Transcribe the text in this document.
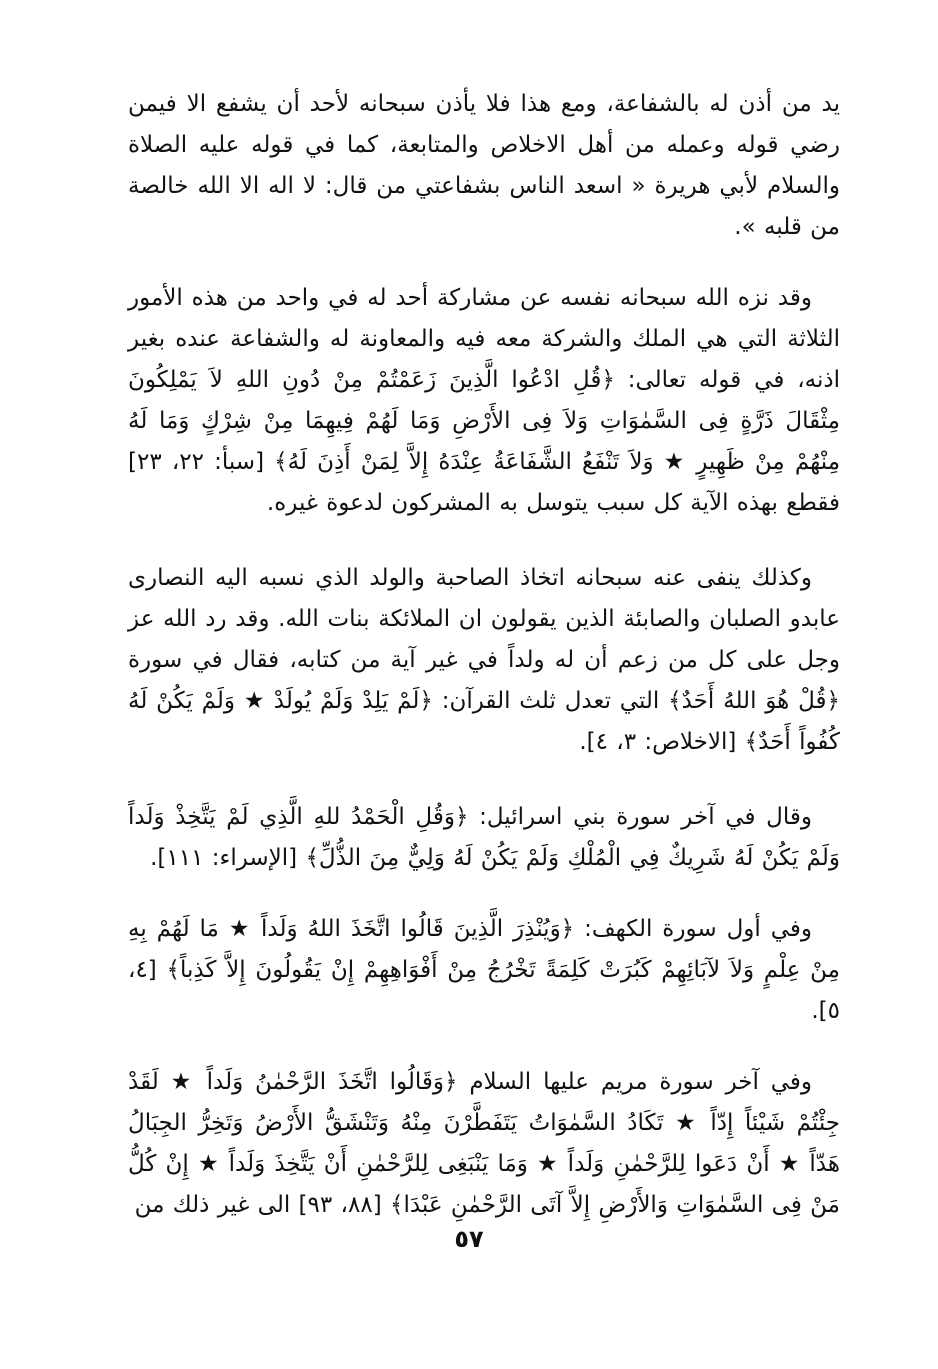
يد من أذن له بالشفاعة، ومع هذا فلا يأذن سبحانه لأحد أن يشفع الا فيمن رضي قوله وعمله من أهل الاخلاص والمتابعة، كما في قوله عليه الصلاة والسلام لأبي هريرة « اسعد الناس بشفاعتي من قال: لا اله الا الله خالصة من قلبه ».

وقد نزه الله سبحانه نفسه عن مشاركة أحد له في واحد من هذه الأمور الثلاثة التي هي الملك والشركة معه فيه والمعاونة له والشفاعة عنده بغير اذنه، في قوله تعالى: ﴿قُلِ ادْعُوا الَّذِينَ زَعَمْتُمْ مِنْ دُونِ اللهِ لاَ يَمْلِكُونَ مِثْقَالَ ذَرَّةٍ فِى السَّمٰوَاتِ وَلاَ فِى الأَرْضِ وَمَا لَهُمْ فِيهِمَا مِنْ شِرْكٍ وَمَا لَهُ مِنْهُمْ مِنْ ظَهِيرٍ ★ وَلاَ تَنْفَعُ الشَّفَاعَةُ عِنْدَهُ إِلاَّ لِمَنْ أَذِنَ لَهُ﴾ [سبأ: ٢٢، ٢٣] فقطع بهذه الآية كل سبب يتوسل به المشركون لدعوة غيره.

وكذلك ينفى عنه سبحانه اتخاذ الصاحبة والولد الذي نسبه اليه النصارى عابدو الصلبان والصابئة الذين يقولون ان الملائكة بنات الله. وقد رد الله عز وجل على كل من زعم أن له ولداً في غير آية من كتابه، فقال في سورة ﴿قُلْ هُوَ اللهُ أَحَدٌ﴾ التي تعدل ثلث القرآن: ﴿لَمْ يَلِدْ وَلَمْ يُولَدْ ★ وَلَمْ يَكُنْ لَهُ كُفُواً أَحَدٌ﴾ [الاخلاص: ٣، ٤].

وقال في آخر سورة بني اسرائيل: ﴿وَقُلِ الْحَمْدُ للهِ الَّذِي لَمْ يَتَّخِذْ وَلَداً وَلَمْ يَكُنْ لَهُ شَرِيكٌ فِي الْمُلْكِ وَلَمْ يَكُنْ لَهُ وَلِيٌّ مِنَ الذُّلِّ﴾ [الإسراء: ١١١].

وفي أول سورة الكهف: ﴿وَيُنْذِرَ الَّذِينَ قَالُوا اتَّخَذَ اللهُ وَلَداً ★ مَا لَهُمْ بِهِ مِنْ عِلْمٍ وَلاَ لآبَائِهِمْ كَبُرَتْ كَلِمَةً تَخْرُجُ مِنْ أَفْوَاهِهِمْ إِنْ يَقُولُونَ إِلاَّ كَذِباً﴾ [٤، ٥].

وفي آخر سورة مريم عليها السلام ﴿وَقَالُوا اتَّخَذَ الرَّحْمٰنُ وَلَداً ★ لَقَدْ جِئْتُمْ شَيْئاً إِدّاً ★ تَكَادُ السَّمٰوَاتُ يَتَفَطَّرْنَ مِنْهُ وَتَنْشَقُّ الأَرْضُ وَتَخِرُّ الجِبَالُ هَدّاً ★ أَنْ دَعَوا لِلرَّحْمٰنِ وَلَداً ★ وَمَا يَنْبَغِى لِلرَّحْمٰنِ أَنْ يَتَّخِذَ وَلَداً ★ إِنْ كُلُّ مَنْ فِى السَّمٰوَاتِ وَالأَرْضِ إِلاَّ آتَى الرَّحْمٰنِ عَبْدَا﴾ [٨٨، ٩٣] الى غير ذلك من

٥٧
